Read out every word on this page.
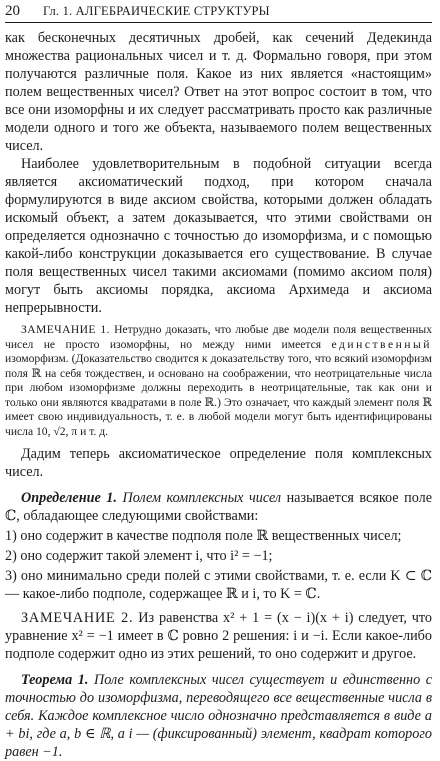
20 Гл. 1. АЛГЕБРАИЧЕСКИЕ СТРУКТУРЫ

как бесконечных десятичных дробей, как сечений Дедекинда множества рациональных чисел и т. д. Формально говоря, при этом получаются различные поля. Какое из них является «настоящим» полем вещественных чисел? Ответ на этот вопрос состоит в том, что все они изоморфны и их следует рассматривать просто как различные модели одного и того же объекта, называемого полем вещественных чисел.

Наиболее удовлетворительным в подобной ситуации всегда является аксиоматический подход, при котором сначала формулируются в виде аксиом свойства, которыми должен обладать искомый объект, а затем доказывается, что этими свойствами он определяется однозначно с точностью до изоморфизма, и с помощью какой-либо конструкции доказывается его существование. В случае поля вещественных чисел такими аксиомами (помимо аксиом поля) могут быть аксиомы порядка, аксиома Архимеда и аксиома непрерывности.

ЗАМЕЧАНИЕ 1. Нетрудно доказать, что любые две модели поля вещественных чисел не просто изоморфны, но между ними имеется единственный изоморфизм. (Доказательство сводится к доказательству того, что всякий изоморфизм поля ℝ на себя тождествен, и основано на соображении, что неотрицательные числа при любом изоморфизме должны переходить в неотрицательные, так как они и только они являются квадратами в поле ℝ.) Это означает, что каждый элемент поля ℝ имеет свою индивидуальность, т. е. в любой модели могут быть идентифицированы числа 10, √2, π и т. д.

Дадим теперь аксиоматическое определение поля комплексных чисел.

Определение 1. Полем комплексных чисел называется всякое поле ℂ, обладающее следующими свойствами:

1) оно содержит в качестве подполя поле ℝ вещественных чисел;

2) оно содержит такой элемент i, что i² = −1;

3) оно минимально среди полей с этими свойствами, т. е. если K ⊂ ℂ — какое-либо подполе, содержащее ℝ и i, то K = ℂ.

ЗАМЕЧАНИЕ 2. Из равенства x² + 1 = (x − i)(x + i) следует, что уравнение x² = −1 имеет в ℂ ровно 2 решения: i и −i. Если какое-либо подполе содержит одно из этих решений, то оно содержит и другое.

Теорема 1. Поле комплексных чисел существует и единственно с точностью до изоморфизма, переводящего все вещественные числа в себя. Каждое комплексное число однозначно представляется в виде a + bi, где a, b ∈ ℝ, a i — (фиксированный) элемент, квадрат которого равен −1.
